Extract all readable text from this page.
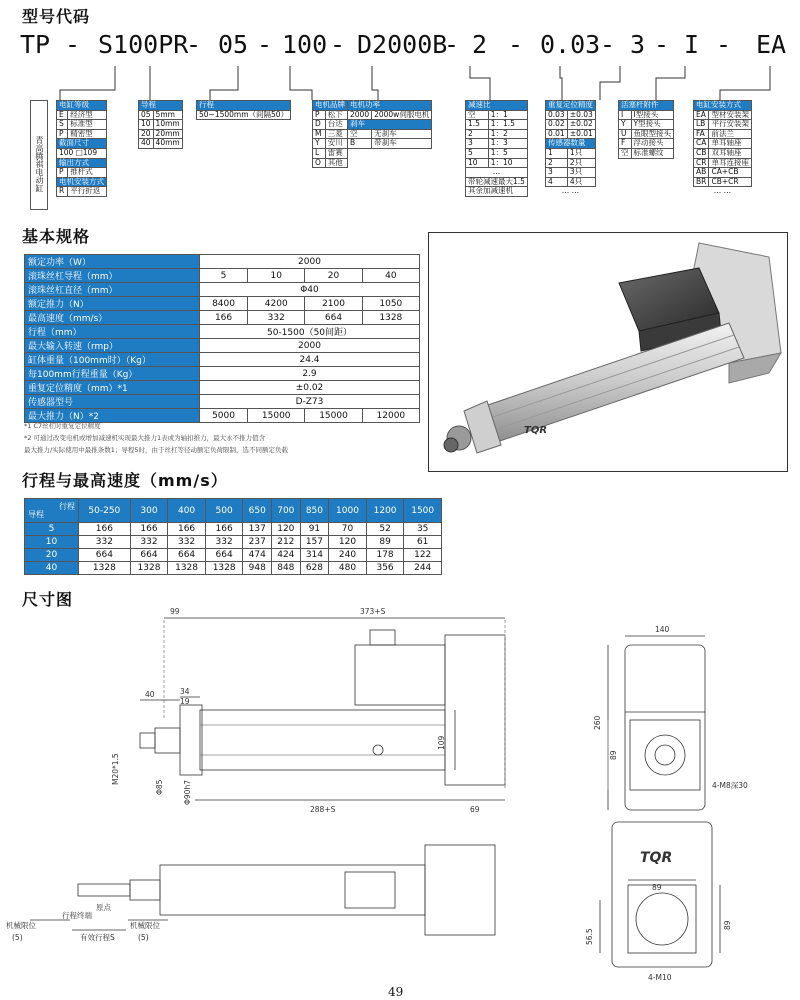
型号代码
基本规格
行程与最高速度（mm/s）
尺寸图
TP - S100PR
- 05 - 100 - D2000B
- 2 - 0.03 - 3 - I - EA
青高腾祺电动缸
电缸等级	
E	经济型
S	标准型
P	精密型
截面尺寸	
100 □109	
输出方式	
P	推杆式
电机安装方式	
R	平行折返
导程	
05	5mm
10	10mm
20	20mm
40	40mm
行程
50~1500mm（间隔50）
电机品牌		电机功率	
P	松下	2000	2000w伺服电机
D	台达	刹车	
M	三菱	空	无刹车
Y	安川	B	带刹车
L	雷赛		
O	其他		
减速比	
空	1：1
1.5	1：1.5
2	1：2
3	1：3
5	1：5
10	1：10
…	
带轮减速最大1.5	
其余加减速机	
重复定位精度	
0.03	±0.03
0.02	±0.02
0.01	±0.01
传感器数量	
1	1只
2	2只
3	3只
4	4只
… …	
活塞杆附件	
I	I型接头
Y	Y型接头
U	鱼眼型接头
F	浮动接头
空	标准螺纹
电缸安装方式	
EA	型材安装架
LB	平行安装架
FA	前法兰
CA	单耳轴座
CB	双耳轴座
CR	单耳连接座
AB	CA+CB
BR	CB+CR
… …	
额定功率（W）	2000			
滚珠丝杠导程（mm）	5	10	20	40
滚珠丝杠直径（mm）	Φ40			
额定推力（N）	8400	4200	2100	1050
最高速度（mm/s）	166	332	664	1328
行程（mm）	50-1500（50间距）			
最大输入转速（rmp）	2000			
缸体重量（100mm时）（Kg）	24.4			
每100mm行程重量（Kg）	2.9			
重复定位精度（mm）*1	±0.02			
传感器型号	D-Z73			
最大推力（N）*2	5000	15000	15000	12000
*1 C7丝杠时重复定位精度
*2 可通过改变电机或增加减速机实现最大推力1表或为轴扣推力，最大永不推力值含
最大推力/实际使用中最推条数1；导程5时，由于丝杠等径动额定负荷限制，选不同额定负载
TQR
行程
导程	50-250	300	400	500	650	700	850	1000	1200	1500
5	166	166	166	166	137	120	91	70	52	35
10	332	332	332	332	237	212	157	120	89	61
20	664	664	664	664	474	424	314	240	178	122
40	1328	1328	1328	1328	948	848	628	480	356	244
99	373+S
40	34
19
M20*1.5
Φ85	Φ90h7
288+S	69
109
140
260
89
4-M8深30
89
89
56.5
4-M10
TQR
原点
行程终端
机械限位	机械限位
(5)	有效行程S	(5)
49
